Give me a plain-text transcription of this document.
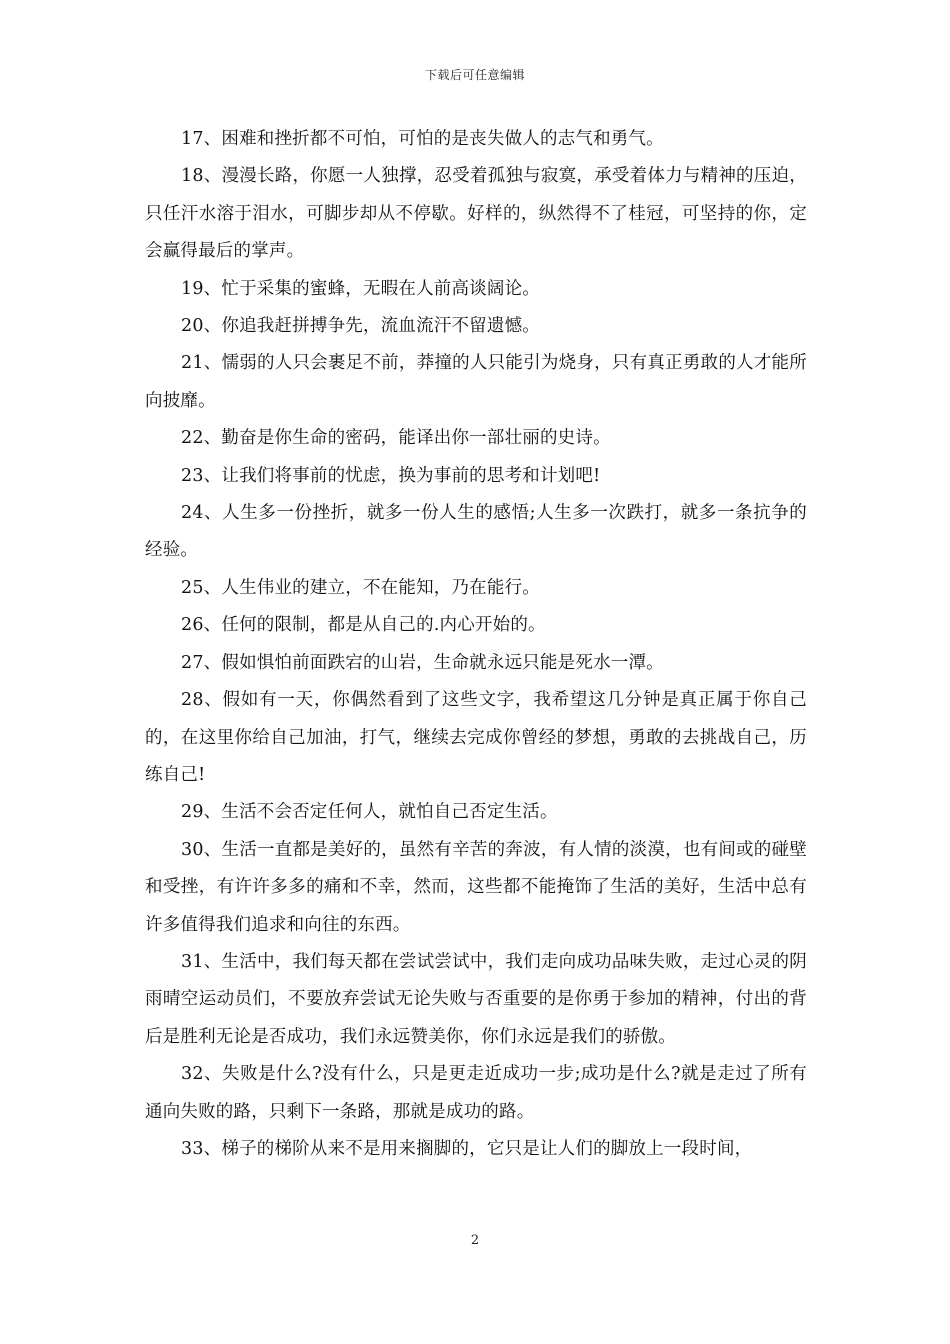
下载后可任意编辑

17、困难和挫折都不可怕，可怕的是丧失做人的志气和勇气。

18、漫漫长路，你愿一人独撑，忍受着孤独与寂寞，承受着体力与精神的压迫，只任汗水溶于泪水，可脚步却从不停歇。好样的，纵然得不了桂冠，可坚持的你，定会赢得最后的掌声。

19、忙于采集的蜜蜂，无暇在人前高谈阔论。

20、你追我赶拼搏争先，流血流汗不留遗憾。

21、懦弱的人只会裹足不前，莽撞的人只能引为烧身，只有真正勇敢的人才能所向披靡。

22、勤奋是你生命的密码，能译出你一部壮丽的史诗。

23、让我们将事前的忧虑，换为事前的思考和计划吧!

24、人生多一份挫折，就多一份人生的感悟;人生多一次跌打，就多一条抗争的经验。

25、人生伟业的建立，不在能知，乃在能行。

26、任何的限制，都是从自己的.内心开始的。

27、假如惧怕前面跌宕的山岩，生命就永远只能是死水一潭。

28、假如有一天，你偶然看到了这些文字，我希望这几分钟是真正属于你自己的，在这里你给自己加油，打气，继续去完成你曾经的梦想，勇敢的去挑战自己，历练自己!

29、生活不会否定任何人，就怕自己否定生活。

30、生活一直都是美好的，虽然有辛苦的奔波，有人情的淡漠，也有间或的碰壁和受挫，有许许多多的痛和不幸，然而，这些都不能掩饰了生活的美好，生活中总有许多值得我们追求和向往的东西。

31、生活中，我们每天都在尝试尝试中，我们走向成功品味失败，走过心灵的阴雨晴空运动员们，不要放弃尝试无论失败与否重要的是你勇于参加的精神，付出的背后是胜利无论是否成功，我们永远赞美你，你们永远是我们的骄傲。

32、失败是什么?没有什么，只是更走近成功一步;成功是什么?就是走过了所有通向失败的路，只剩下一条路，那就是成功的路。

33、梯子的梯阶从来不是用来搁脚的，它只是让人们的脚放上一段时间，

2
